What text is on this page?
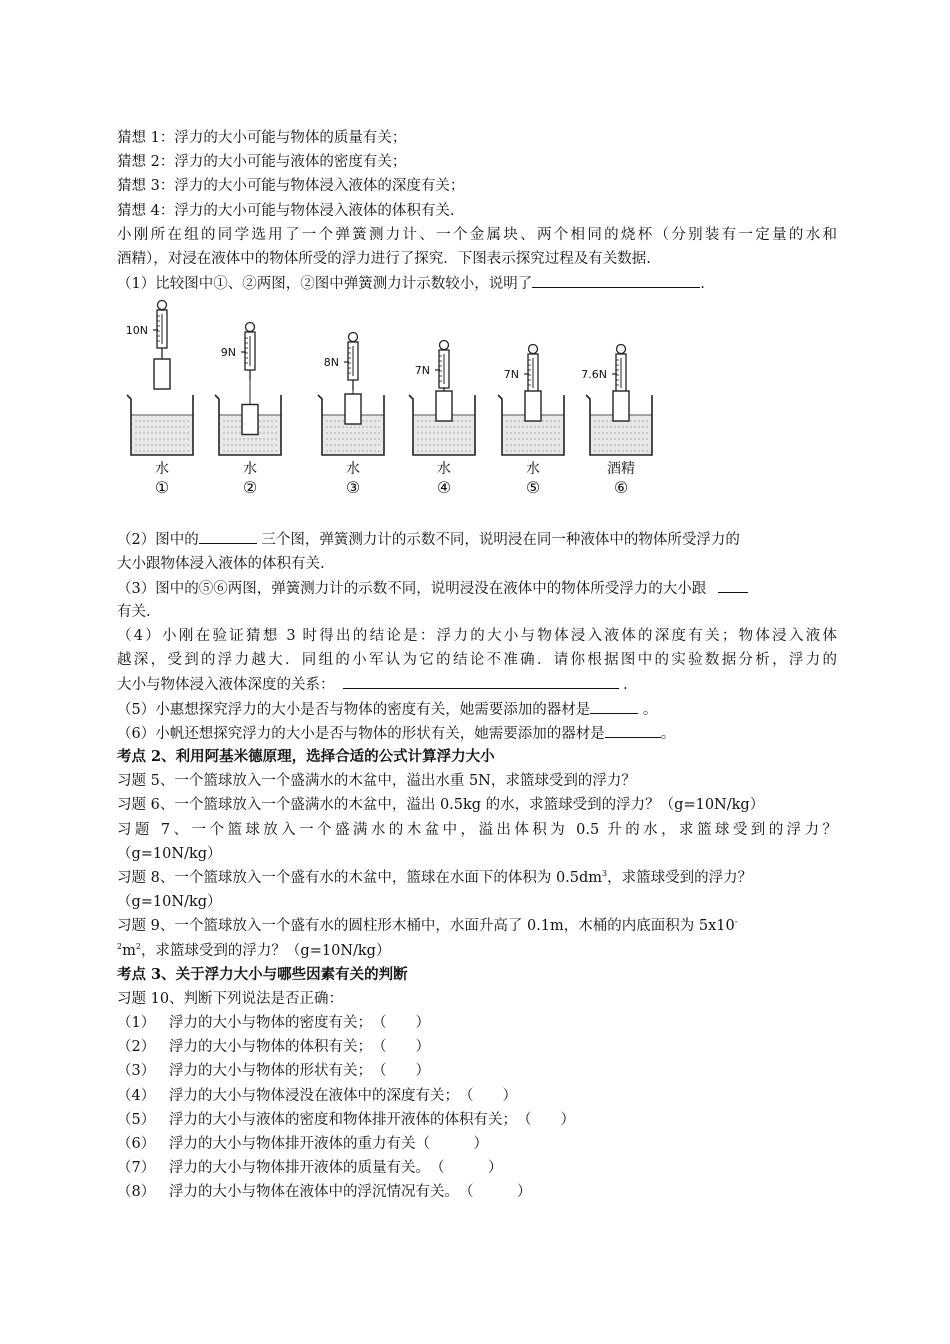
猜想 1：浮力的大小可能与物体的质量有关；
猜想 2：浮力的大小可能与液体的密度有关；
猜想 3：浮力的大小可能与物体浸入液体的深度有关；
猜想 4：浮力的大小可能与物体浸入液体的体积有关.
小刚所在组的同学选用了一个弹簧测力计、一个金属块、两个相同的烧杯（分别装有一定量的水和
酒精），对浸在液体中的物体所受的浮力进行了探究．下图表示探究过程及有关数据.
（1）比较图中①、②两图，②图中弹簧测力计示数较小，说明了	.
10N
水
①
9N
水
②
8N
水
③
7N
水
④
7N
水
⑤
7.6N
酒精
⑥
（2）图中的	三个图，弹簧测力计的示数不同，说明浸在同一种液体中的物体所受浮力的
大小跟物体浸入液体的体积有关.
（3）图中的⑤⑥两图，弹簧测力计的示数不同，说明浸没在液体中的物体所受浮力的大小跟
有关.
（4）小刚在验证猜想 3 时得出的结论是：浮力的大小与物体浸入液体的深度有关；物体浸入液体
越深，受到的浮力越大．同组的小军认为它的结论不准确．请你根据图中的实验数据分析，浮力的
大小与物体浸入液体深度的关系：	.
（5）小惠想探究浮力的大小是否与物体的密度有关，她需要添加的器材是	。
（6）小帆还想探究浮力的大小是否与物体的形状有关，她需要添加的器材是	。
考点 2、利用阿基米德原理，选择合适的公式计算浮力大小
习题 5、一个篮球放入一个盛满水的木盆中，溢出水重 5N，求篮球受到的浮力？
习题 6、一个篮球放入一个盛满水的木盆中，溢出 0.5kg 的水，求篮球受到的浮力？（g=10N/kg）
习题 7、一个篮球放入一个盛满水的木盆中，溢出体积为 0.5 升的水，求篮球受到的浮力？
（g=10N/kg）
习题 8、一个篮球放入一个盛有水的木盆中，篮球在水面下的体积为 $0.5dm^3$，求篮球受到的浮力？
（g=10N/kg）
习题 9、一个篮球放入一个盛有水的圆柱形木桶中，水面升高了 0.1m，木桶的内底面积为 5x10-
$^2m^2$，求篮球受到的浮力？（g=10N/kg）
考点 3、关于浮力大小与哪些因素有关的判断
习题 10、判断下列说法是否正确：
（1） 浮力的大小与物体的密度有关；（　　）
（2） 浮力的大小与物体的体积有关；（　　）
（3） 浮力的大小与物体的形状有关；（　　）
（4） 浮力的大小与物体浸没在液体中的深度有关；（　　）
（5） 浮力的大小与液体的密度和物体排开液体的体积有关；（　　）
（6） 浮力的大小与物体排开液体的重力有关（　　　）
（7） 浮力的大小与物体排开液体的质量有关。（　　　）
（8） 浮力的大小与物体在液体中的浮沉情况有关。（　　　）
